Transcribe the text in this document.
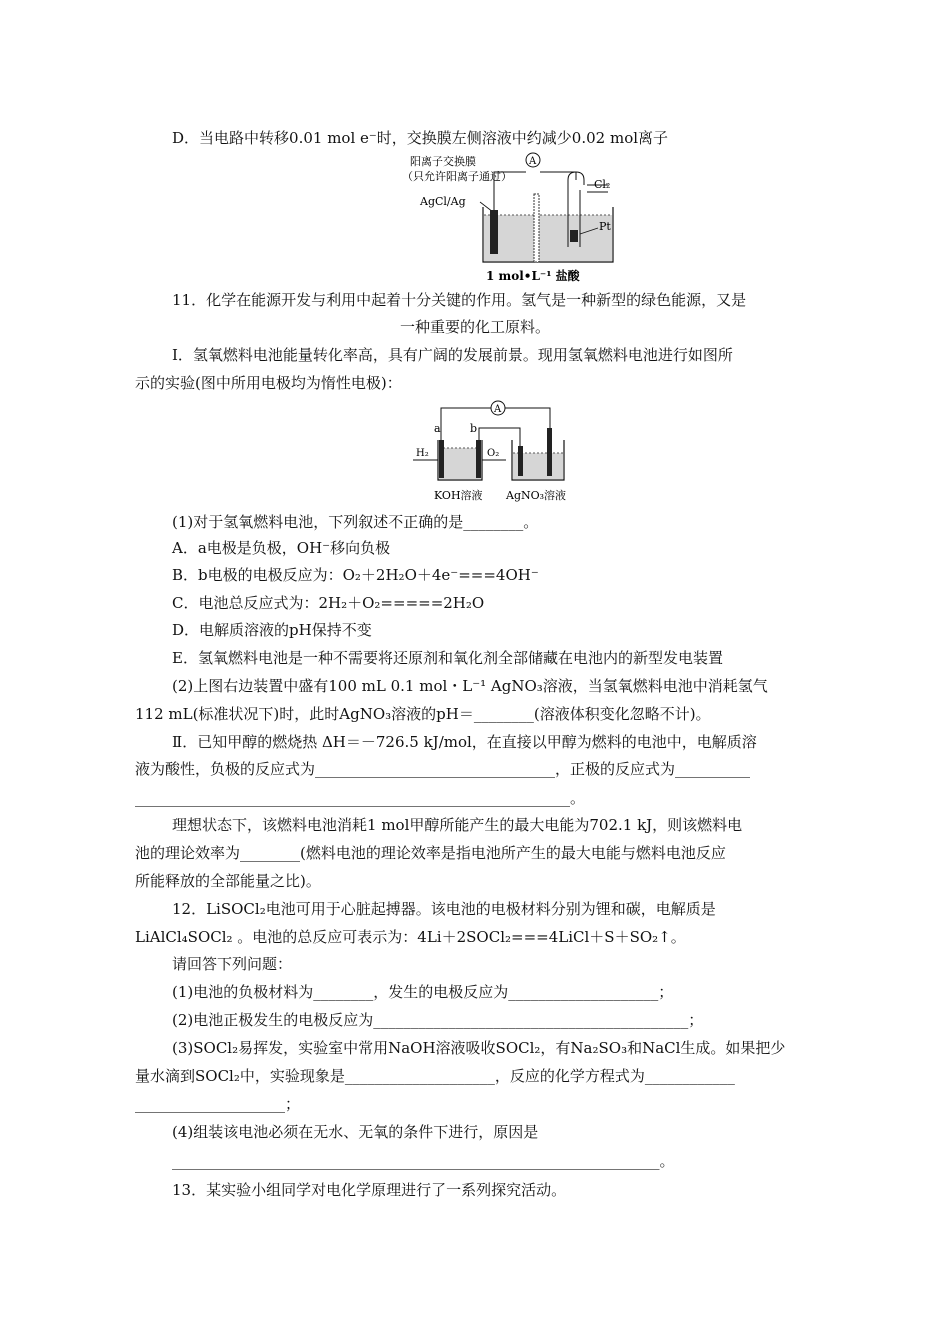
D．当电路中转移0.01 mol e⁻时，交换膜左侧溶液中约减少0.02 mol离子
阳离子交换膜
（只允许阳离子通过）
AgCl/Ag
A
Cl₂
Pt
1 mol•L⁻¹ 盐酸
11．化学在能源开发与利用中起着十分关键的作用。氢气是一种新型的绿色能源，又是
一种重要的化工原料。
Ⅰ．氢氧燃料电池能量转化率高，具有广阔的发展前景。现用氢氧燃料电池进行如图所
示的实验(图中所用电极均为惰性电极)：
A
a	b
H₂	O₂
KOH溶液 AgNO₃溶液
(1)对于氢氧燃料电池，下列叙述不正确的是________。
A．a电极是负极，OH⁻移向负极
B．b电极的电极反应为：O₂＋2H₂O＋4e⁻===4OH⁻
C．电池总反应式为：2H₂＋O₂=====2H₂O
D．电解质溶液的pH保持不变
E．氢氧燃料电池是一种不需要将还原剂和氧化剂全部储藏在电池内的新型发电装置
(2)上图右边装置中盛有100 mL 0.1 mol・L⁻¹ AgNO₃溶液，当氢氧燃料电池中消耗氢气
112 mL(标准状况下)时，此时AgNO₃溶液的pH＝________(溶液体积变化忽略不计)。
Ⅱ．已知甲醇的燃烧热 ΔH＝－726.5 kJ/mol，在直接以甲醇为燃料的电池中，电解质溶
液为酸性，负极的反应式为________________________________，正极的反应式为__________
__________________________________________________________。
理想状态下，该燃料电池消耗1 mol甲醇所能产生的最大电能为702.1 kJ，则该燃料电
池的理论效率为________(燃料电池的理论效率是指电池所产生的最大电能与燃料电池反应
所能释放的全部能量之比)。
12．LiSOCl₂电池可用于心脏起搏器。该电池的电极材料分别为锂和碳，电解质是
LiAlCl₄SOCl₂ 。电池的总反应可表示为：4Li＋2SOCl₂===4LiCl＋S＋SO₂↑。
请回答下列问题：
(1)电池的负极材料为________，发生的电极反应为____________________；
(2)电池正极发生的电极反应为__________________________________________；
(3)SOCl₂易挥发，实验室中常用NaOH溶液吸收SOCl₂，有Na₂SO₃和NaCl生成。如果把少
量水滴到SOCl₂中，实验现象是____________________，反应的化学方程式为____________
____________________；
(4)组装该电池必须在无水、无氧的条件下进行，原因是
_________________________________________________________________。
13．某实验小组同学对电化学原理进行了一系列探究活动。
